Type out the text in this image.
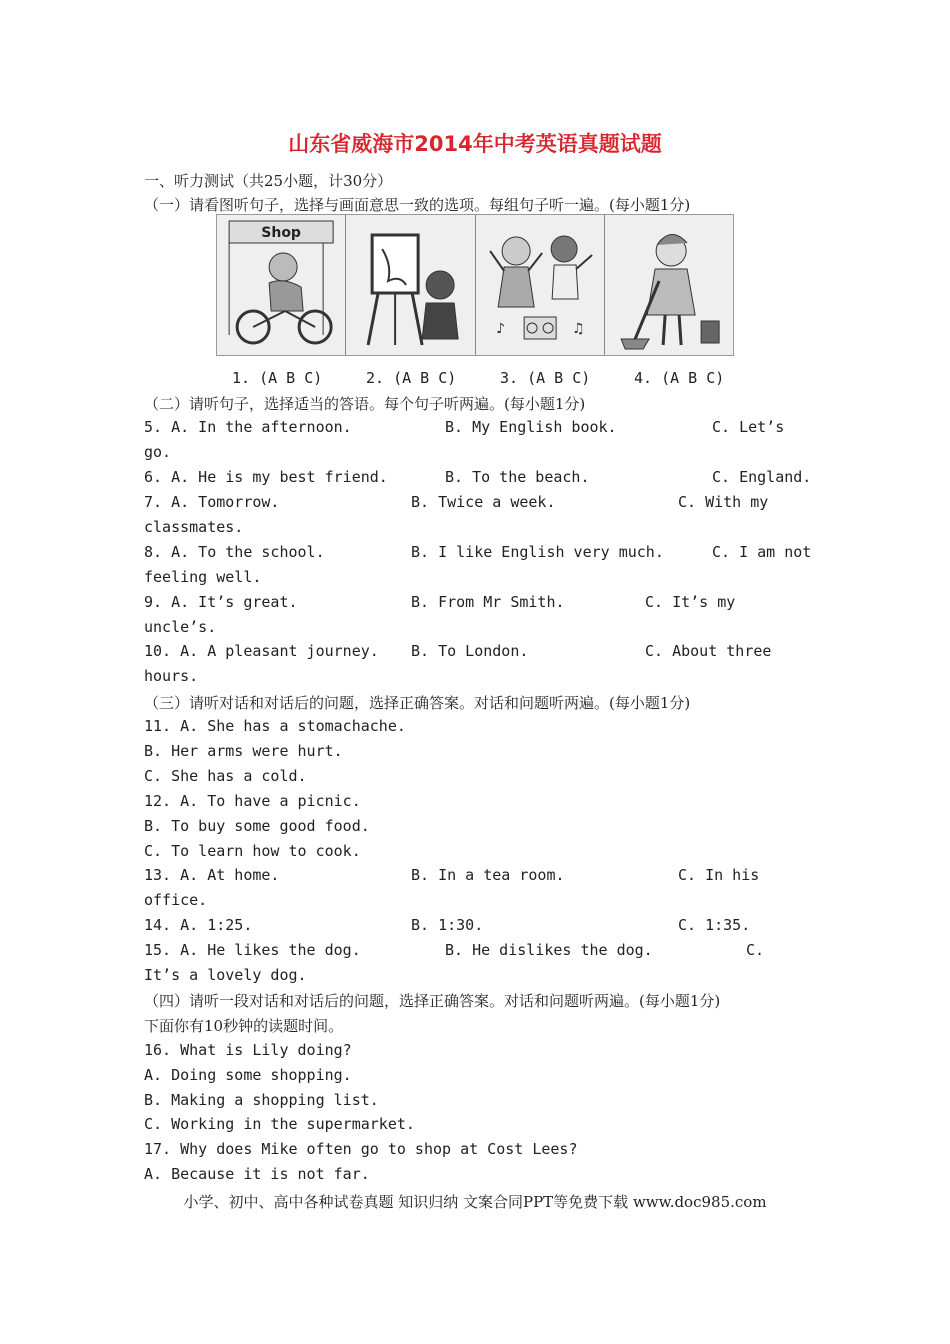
山东省威海市2014年中考英语真题试题
一、听力测试（共25小题，计30分）
（一）请看图听句子，选择与画面意思一致的选项。每组句子听一遍。(每小题1分)
Shop
♪	♫
1. (A B C)	2. (A B C)	3. (A B C)	4. (A B C)
（二）请听句子，选择适当的答语。每个句子听两遍。(每小题1分)
5. A. In the afternoon.	B. My English book.	C. Let’s
go.
6. A. He is my best friend.	B. To the beach.	C. England.
7. A. Tomorrow.	B. Twice a week.	C. With my
classmates.
8. A. To the school.	B. I like English very much.	C. I am not
feeling well.
9. A. It’s great.	B. From Mr Smith.	C. It’s my
uncle’s.
10. A. A pleasant journey. B. To London.	C. About three
hours.
（三）请听对话和对话后的问题，选择正确答案。对话和问题听两遍。(每小题1分)
11. A. She has a stomachache.
B. Her arms were hurt.
C. She has a cold.
12. A. To have a picnic.
B. To buy some good food.
C. To learn how to cook.
13. A. At home.	B. In a tea room.	C. In his
office.
14. A. 1:25.	B. 1:30.	C. 1:35.
15. A. He likes the dog.	B. He dislikes the dog.	C.
It’s a lovely dog.
（四）请听一段对话和对话后的问题，选择正确答案。对话和问题听两遍。(每小题1分)
下面你有10秒钟的读题时间。
16. What is Lily doing?
A. Doing some shopping.
B. Making a shopping list.
C. Working in the supermarket.
17. Why does Mike often go to shop at Cost Lees?
A. Because it is not far.
小学、初中、高中各种试卷真题 知识归纳 文案合同PPT等免费下载 www.doc985.com
